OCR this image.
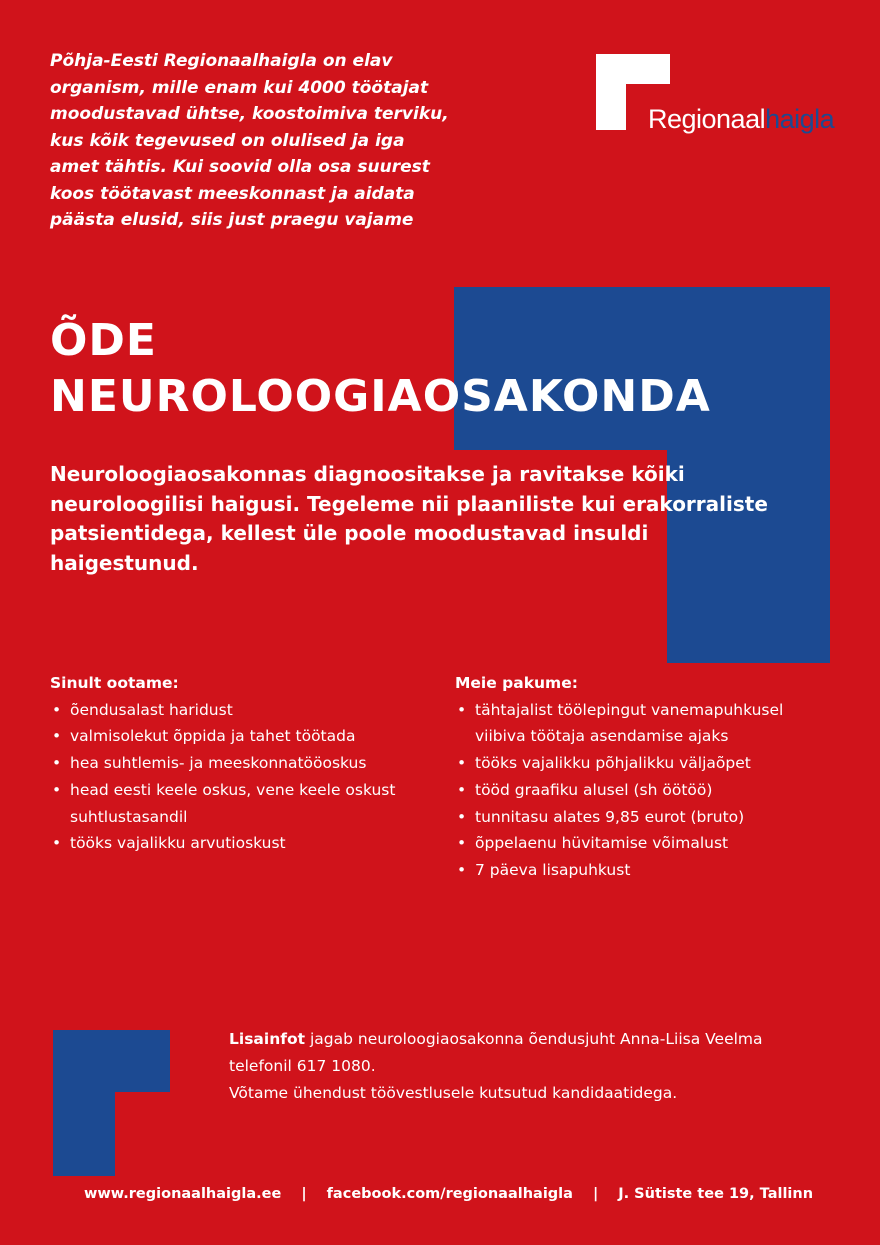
Põhja-Eesti Regionaalhaigla on elav organism, mille enam kui 4000 töötajat moodustavad ühtse, koostoimiva terviku, kus kõik tegevused on olulised ja iga amet tähtis. Kui soovid olla osa suurest koos töötavast meeskonnast ja aidata päästa elusid, siis just praegu vajame
Regionaalhaigla
ÕDE
NEUROLOOGIAOSAKONDA
Neuroloogiaosakonnas diagnoositakse ja ravitakse kõiki neuroloogilisi haigusi. Tegeleme nii plaaniliste kui erakorraliste patsientidega, kellest üle poole moodustavad insuldi haigestunud.
Sinult ootame:
• õendusalast haridust
• valmisolekut õppida ja tahet töötada
• hea suhtlemis- ja meeskonnatööoskus
• head eesti keele oskus, vene keele oskust suhtlustasandil
• tööks vajalikku arvutioskust
Meie pakume:
• tähtajalist töölepingut vanemapuhkusel viibiva töötaja asendamise ajaks
• tööks vajalikku põhjalikku väljaõpet
• tööd graafiku alusel (sh öötöö)
• tunnitasu alates 9,85 eurot (bruto)
• õppelaenu hüvitamise võimalust
• 7 päeva lisapuhkust
Lisainfot jagab neuroloogiaosakonna õendusjuht Anna-Liisa Veelma
telefonil 617 1080.
Võtame ühendust töövestlusele kutsutud kandidaatidega.
www.regionaalhaigla.ee | facebook.com/regionaalhaigla | J. Sütiste tee 19, Tallinn
